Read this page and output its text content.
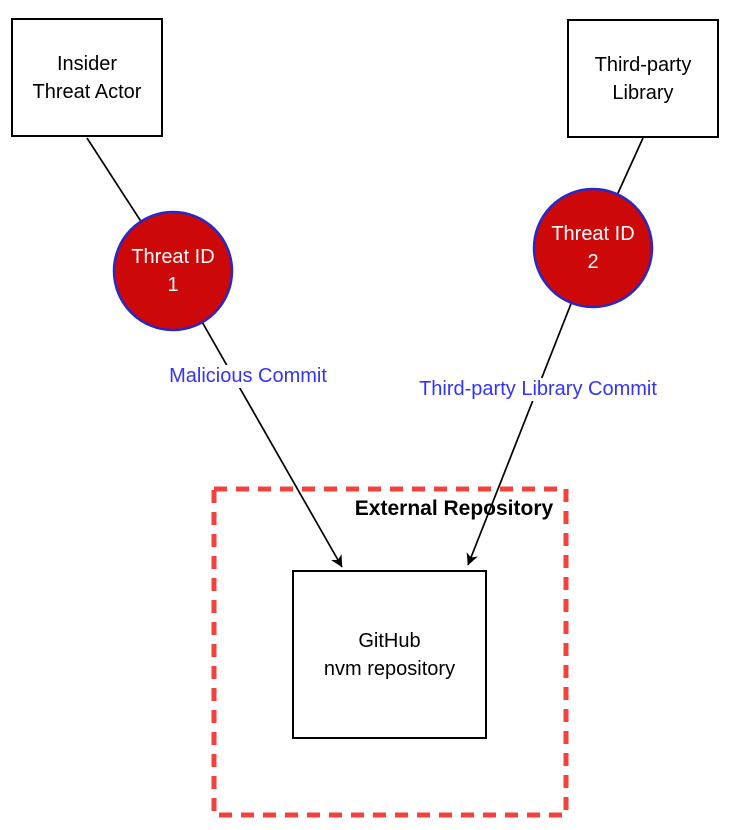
Insider
Threat Actor
Third-party
Library
GitHub
nvm repository
Threat ID
1
Threat ID
2
Malicious Commit
Third-party Library Commit
External Repository
